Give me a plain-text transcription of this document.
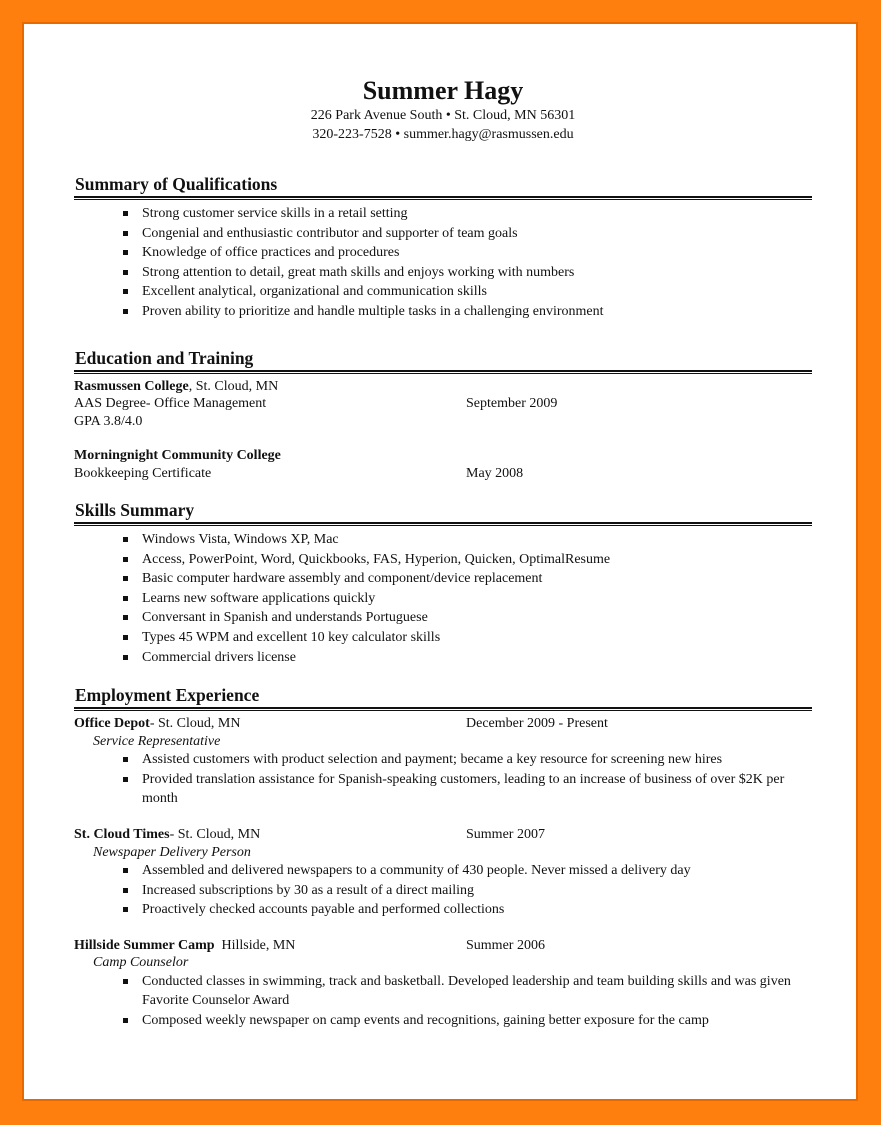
Summer Hagy
226 Park Avenue South • St. Cloud, MN 56301
320-223-7528 • summer.hagy@rasmussen.edu
Summary of Qualifications
Strong customer service skills in a retail setting
Congenial and enthusiastic contributor and supporter of team goals
Knowledge of office practices and procedures
Strong attention to detail, great math skills and enjoys working with numbers
Excellent analytical, organizational and communication skills
Proven ability to prioritize and handle multiple tasks in a challenging environment
Education and Training
Rasmussen College, St. Cloud, MN
AAS Degree- Office Management	September 2009
GPA 3.8/4.0
Morningnight Community College
Bookkeeping Certificate	May 2008
Skills Summary
Windows Vista, Windows XP, Mac
Access, PowerPoint, Word, Quickbooks, FAS, Hyperion, Quicken, OptimalResume
Basic computer hardware assembly and component/device replacement
Learns new software applications quickly
Conversant in Spanish and understands Portuguese
Types 45 WPM and excellent 10 key calculator skills
Commercial drivers license
Employment Experience
Office Depot- St. Cloud, MN	December 2009 - Present
Service Representative
Assisted customers with product selection and payment; became a key resource for screening new hires
Provided translation assistance for Spanish-speaking customers, leading to an increase of business of over $2K per month
St. Cloud Times- St. Cloud, MN	Summer 2007
Newspaper Delivery Person
Assembled and delivered newspapers to a community of 430 people. Never missed a delivery day
Increased subscriptions by 30 as a result of a direct mailing
Proactively checked accounts payable and performed collections
Hillside Summer Camp  Hillside, MN	Summer 2006
Camp Counselor
Conducted classes in swimming, track and basketball. Developed leadership and team building skills and was given Favorite Counselor Award
Composed weekly newspaper on camp events and recognitions, gaining better exposure for the camp
